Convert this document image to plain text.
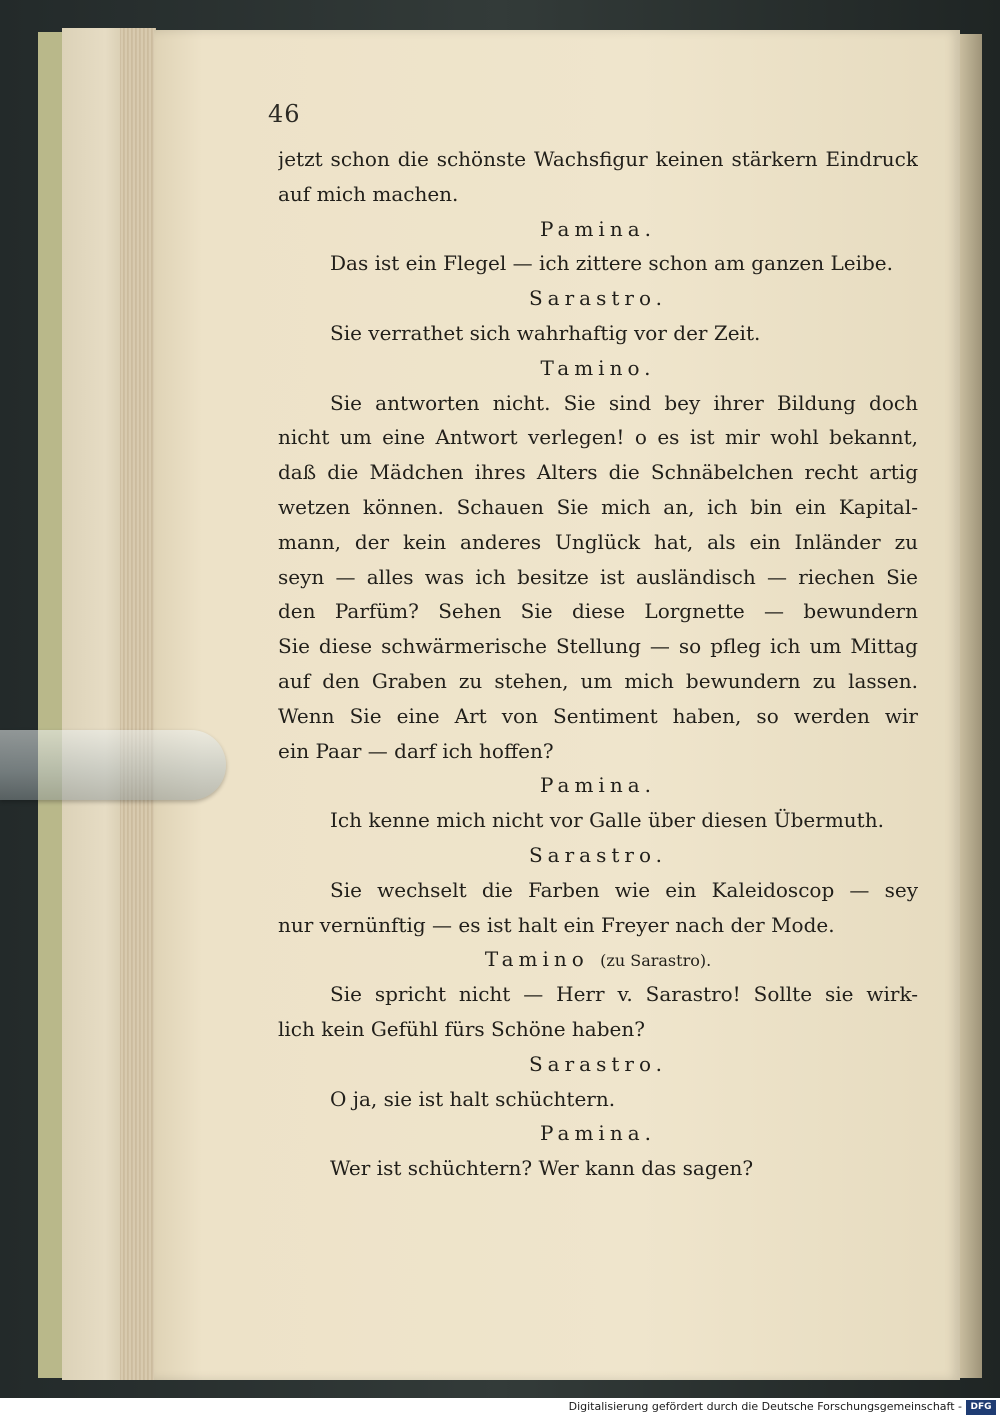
46
jetzt schon die schönste Wachsfigur keinen stärkern Eindruck
auf mich machen.
Pamina.
Das ist ein Flegel — ich zittere schon am ganzen Leibe.
Sarastro.
Sie verrathet sich wahrhaftig vor der Zeit.
Tamino.
Sie antworten nicht. Sie sind bey ihrer Bildung doch
nicht um eine Antwort verlegen! o es ist mir wohl bekannt,
daß die Mädchen ihres Alters die Schnäbelchen recht artig
wetzen können. Schauen Sie mich an, ich bin ein Kapital-
mann, der kein anderes Unglück hat, als ein Inländer zu
seyn — alles was ich besitze ist ausländisch — riechen Sie
den Parfüm? Sehen Sie diese Lorgnette — bewundern
Sie diese schwärmerische Stellung — so pfleg ich um Mittag
auf den Graben zu stehen, um mich bewundern zu lassen.
Wenn Sie eine Art von Sentiment haben, so werden wir
ein Paar — darf ich hoffen?
Pamina.
Ich kenne mich nicht vor Galle über diesen Übermuth.
Sarastro.
Sie wechselt die Farben wie ein Kaleidoscop — sey
nur vernünftig — es ist halt ein Freyer nach der Mode.
Tamino (zu Sarastro).
Sie spricht nicht — Herr v. Sarastro! Sollte sie wirk-
lich kein Gefühl fürs Schöne haben?
Sarastro.
O ja, sie ist halt schüchtern.
Pamina.
Wer ist schüchtern? Wer kann das sagen?
Digitalisierung gefördert durch die Deutsche Forschungsgemeinschaft - DFG
